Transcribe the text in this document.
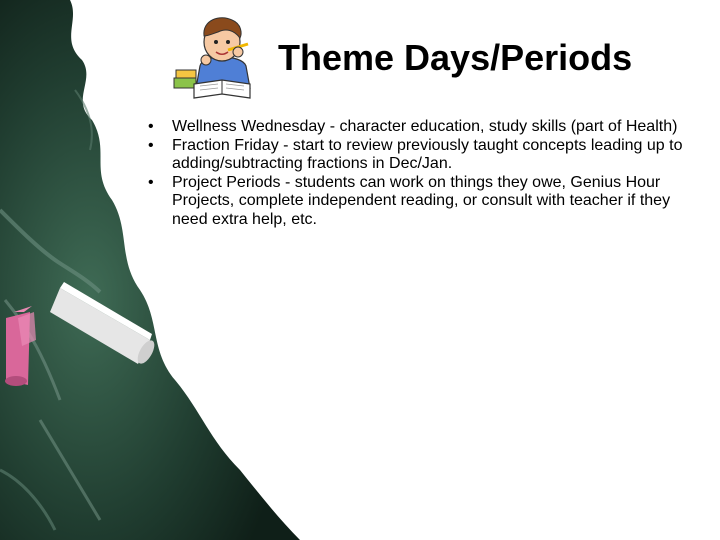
Theme Days/Periods
• Wellness Wednesday - character education, study skills (part of Health)
• Fraction Friday - start to review previously taught concepts leading up to adding/subtracting fractions in Dec/Jan.
• Project Periods - students can work on things they owe, Genius Hour Projects, complete independent reading, or consult with teacher if they need extra help, etc.
